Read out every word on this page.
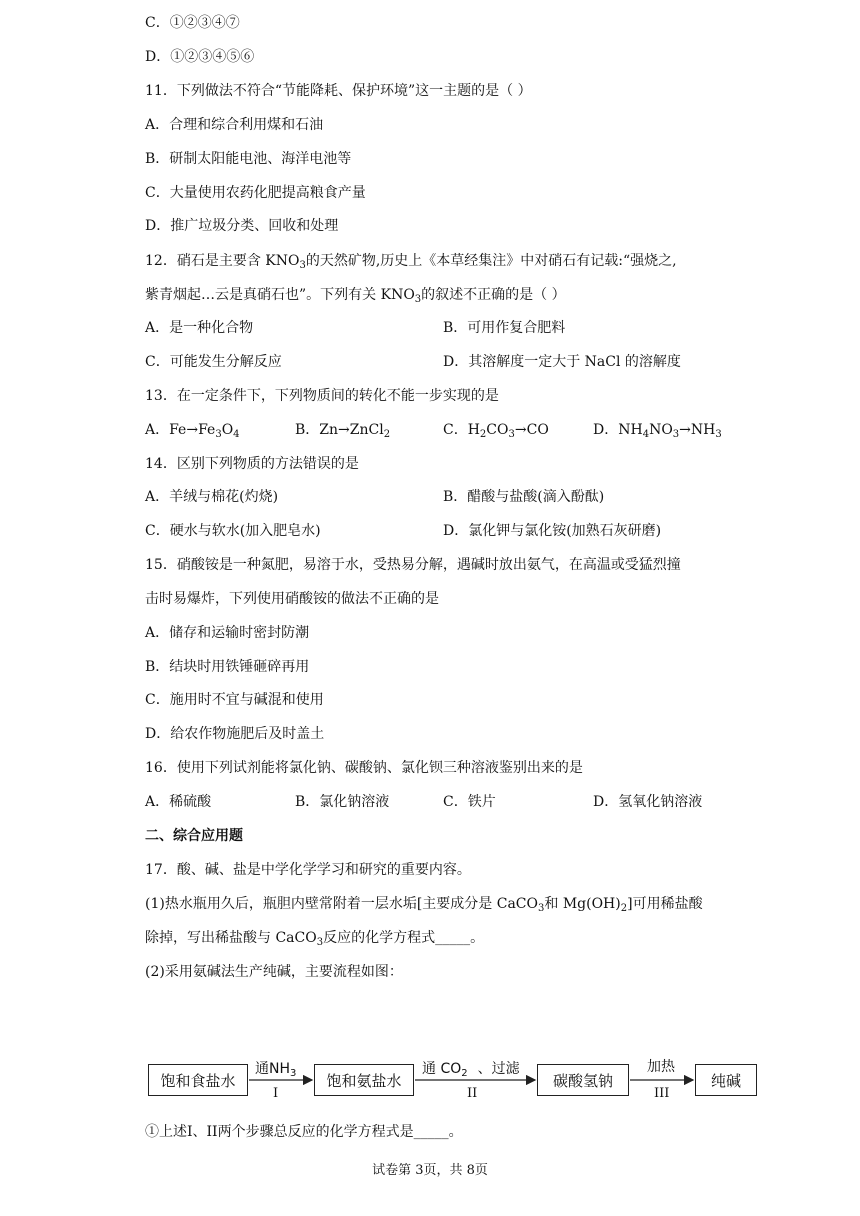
C．①②③④⑦
D．①②③④⑤⑥
11．下列做法不符合“节能降耗、保护环境”这一主题的是（ ）
A．合理和综合利用煤和石油
B．研制太阳能电池、海洋电池等
C．大量使用农药化肥提高粮食产量
D．推广垃圾分类、回收和处理
12．硝石是主要含 $KNO_3$的天然矿物,历史上《本草经集注》中对硝石有记载:“强烧之,
紫青烟起…云是真硝石也”。下列有关 $KNO_3$的叙述不正确的是（ ）
A．是一种化合物	B．可用作复合肥料
C．可能发生分解反应	D．其溶解度一定大于 NaCl 的溶解度
13．在一定条件下，下列物质间的转化不能一步实现的是
A．$Fe\to Fe_3O_4$	B．Zn→ZnCl$_2$	C．$H_2CO_3\to CO$	D．$NH_4NO_3\to NH_3$
14．区别下列物质的方法错误的是
A．羊绒与棉花(灼烧)	B．醋酸与盐酸(滴入酚酞)
C．硬水与软水(加入肥皂水)	D．氯化钾与氯化铵(加熟石灰研磨)
15．硝酸铵是一种氮肥，易溶于水，受热易分解，遇碱时放出氨气，在高温或受猛烈撞
击时易爆炸，下列使用硝酸铵的做法不正确的是
A．储存和运输时密封防潮
B．结块时用铁锤砸碎再用
C．施用时不宜与碱混和使用
D．给农作物施肥后及时盖土
16．使用下列试剂能将氯化钠、碳酸钠、氯化钡三种溶液鉴别出来的是
A．稀硫酸	B．氯化钠溶液	C．铁片	D．氢氧化钠溶液
二、综合应用题
17．酸、碱、盐是中学化学学习和研究的重要内容。
(1)热水瓶用久后，瓶胆内壁常附着一层水垢[主要成分是 CaCO$_3$和 $Mg(OH)_2$]可用稀盐酸
除掉，写出稀盐酸与 CaCO$_3$反应的化学方程式_____。
(2)采用氨碱法生产纯碱，主要流程如图：
饱和食盐水	饱和氨盐水	碳酸氢钠	纯碱
通$NH_3$
I
通 $CO_2$ 、过滤
II
加热
III
①上述I、II两个步骤总反应的化学方程式是_____。
试卷第 3页，共 8页
